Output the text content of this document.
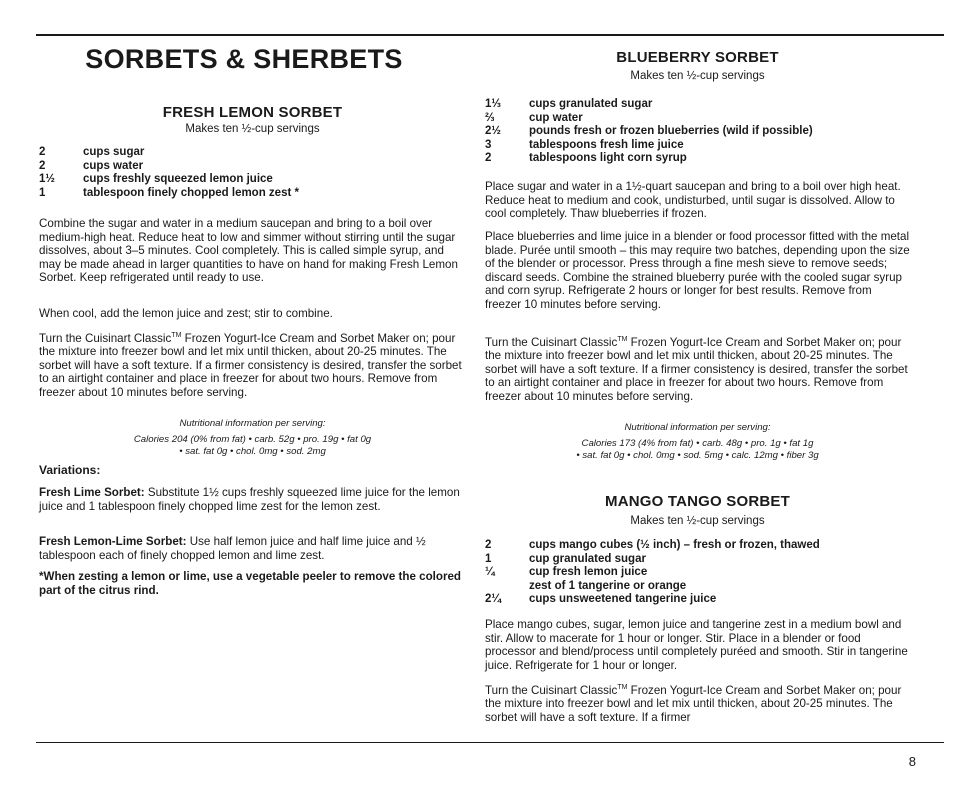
SORBETS & SHERBETS
FRESH LEMON SORBET
Makes ten ½-cup servings
2	cups sugar
2	cups water
1½	cups freshly squeezed lemon juice
1	tablespoon finely chopped lemon zest *

Combine the sugar and water in a medium saucepan and bring to a boil over medium-high heat. Reduce heat to low and simmer without stirring until the sugar dissolves, about 3–5 minutes. Cool completely. This is called simple syrup, and may be made ahead in larger quantities to have on hand for making Fresh Lemon Sorbet. Keep refrigerated until ready to use.

When cool, add the lemon juice and zest; stir to combine.

Turn the Cuisinart Classic™ Frozen Yogurt-Ice Cream and Sorbet Maker on; pour the mixture into freezer bowl and let mix until thicken, about 20-25 minutes. The sorbet will have a soft texture. If a firmer consistency is desired, transfer the sorbet to an airtight container and place in freezer for about two hours. Remove from freezer about 10 minutes before serving.

Nutritional information per serving:
Calories 204 (0% from fat) • carb. 52g • pro. 19g • fat 0g
• sat. fat 0g • chol. 0mg • sod. 2mg
Variations:

Fresh Lime Sorbet: Substitute 1½ cups freshly squeezed lime juice for the lemon juice and 1 tablespoon finely chopped lime zest for the lemon zest.

Fresh Lemon-Lime Sorbet: Use half lemon juice and half lime juice and ½ tablespoon each of finely chopped lemon and lime zest.

*When zesting a lemon or lime, use a vegetable peeler to remove the colored part of the citrus rind.

BLUEBERRY SORBET
Makes ten ½-cup servings
1⅓	cups granulated sugar
⅔	cup water
2½	pounds fresh or frozen blueberries (wild if possible)
3	tablespoons fresh lime juice
2	tablespoons light corn syrup

Place sugar and water in a 1½-quart saucepan and bring to a boil over high heat. Reduce heat to medium and cook, undisturbed, until sugar is dissolved. Allow to cool completely. Thaw blueberries if frozen.

Place blueberries and lime juice in a blender or food processor fitted with the metal blade. Purée until smooth – this may require two batches, depending upon the size of the blender or processor. Press through a fine mesh sieve to remove seeds; discard seeds. Combine the strained blueberry purée with the cooled sugar syrup and corn syrup. Refrigerate 2 hours or longer for best results. Remove from freezer 10 minutes before serving.

Turn the Cuisinart Classic™ Frozen Yogurt-Ice Cream and Sorbet Maker on; pour the mixture into freezer bowl and let mix until thicken, about 20-25 minutes. The sorbet will have a soft texture. If a firmer consistency is desired, transfer the sorbet to an airtight container and place in freezer for about two hours. Remove from freezer about 10 minutes before serving.

Nutritional information per serving:
Calories 173 (4% from fat) • carb. 48g • pro. 1g • fat 1g
• sat. fat 0g • chol. 0mg • sod. 5mg • calc. 12mg • fiber 3g
MANGO TANGO SORBET
Makes ten ½-cup servings
2	cups mango cubes (½ inch) – fresh or frozen, thawed
1	cup granulated sugar
¼	cup fresh lemon juice
zest of 1 tangerine or orange
2¼	cups unsweetened tangerine juice

Place mango cubes, sugar, lemon juice and tangerine zest in a medium bowl and stir. Allow to macerate for 1 hour or longer. Stir. Place in a blender or food processor and blend/process until completely puréed and smooth. Stir in tangerine juice. Refrigerate for 1 hour or longer.

Turn the Cuisinart Classic™ Frozen Yogurt-Ice Cream and Sorbet Maker on; pour the mixture into freezer bowl and let mix until thicken, about 20-25 minutes. The sorbet will have a soft texture. If a firmer

8
